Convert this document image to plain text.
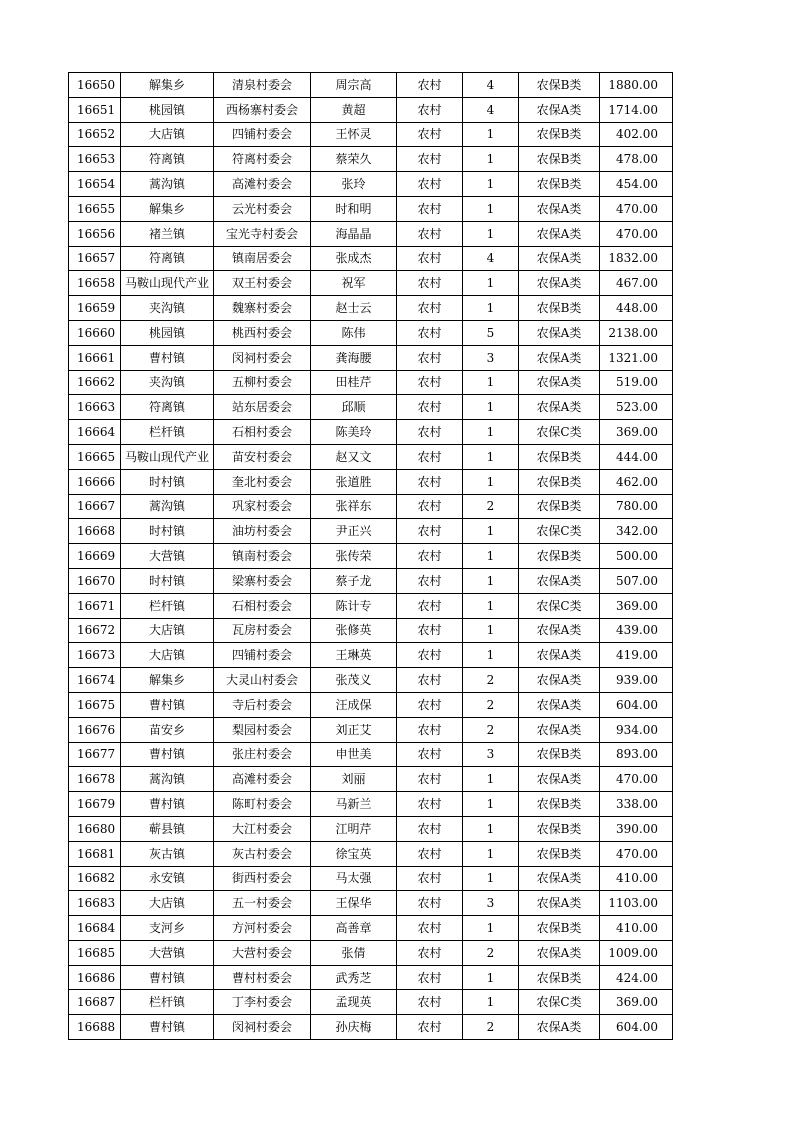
16650	解集乡	清泉村委会	周宗高	农村	4	农保B类	1880.00
16651	桃园镇	西杨寨村委会	黄超	农村	4	农保A类	1714.00
16652	大店镇	四铺村委会	王怀灵	农村	1	农保B类	402.00
16653	符离镇	符离村委会	蔡荣久	农村	1	农保B类	478.00
16654	蒿沟镇	高滩村委会	张玲	农村	1	农保B类	454.00
16655	解集乡	云光村委会	时和明	农村	1	农保A类	470.00
16656	褚兰镇	宝光寺村委会	海晶晶	农村	1	农保A类	470.00
16657	符离镇	镇南居委会	张成杰	农村	4	农保A类	1832.00
16658	马鞍山现代产业	双王村委会	祝军	农村	1	农保A类	467.00
16659	夹沟镇	魏寨村委会	赵士云	农村	1	农保B类	448.00
16660	桃园镇	桃西村委会	陈伟	农村	5	农保A类	2138.00
16661	曹村镇	闵祠村委会	龚海腰	农村	3	农保A类	1321.00
16662	夹沟镇	五柳村委会	田桂芹	农村	1	农保A类	519.00
16663	符离镇	站东居委会	邱顺	农村	1	农保A类	523.00
16664	栏杆镇	石相村委会	陈美玲	农村	1	农保C类	369.00
16665	马鞍山现代产业	苗安村委会	赵又文	农村	1	农保B类	444.00
16666	时村镇	奎北村委会	张道胜	农村	1	农保B类	462.00
16667	蒿沟镇	巩家村委会	张祥东	农村	2	农保B类	780.00
16668	时村镇	油坊村委会	尹正兴	农村	1	农保C类	342.00
16669	大营镇	镇南村委会	张传荣	农村	1	农保B类	500.00
16670	时村镇	梁寨村委会	蔡子龙	农村	1	农保A类	507.00
16671	栏杆镇	石相村委会	陈计专	农村	1	农保C类	369.00
16672	大店镇	瓦房村委会	张修英	农村	1	农保A类	439.00
16673	大店镇	四铺村委会	王琳英	农村	1	农保A类	419.00
16674	解集乡	大灵山村委会	张茂义	农村	2	农保A类	939.00
16675	曹村镇	寺后村委会	汪成保	农村	2	农保A类	604.00
16676	苗安乡	梨园村委会	刘正艾	农村	2	农保A类	934.00
16677	曹村镇	张庄村委会	申世美	农村	3	农保B类	893.00
16678	蒿沟镇	高滩村委会	刘丽	农村	1	农保A类	470.00
16679	曹村镇	陈町村委会	马新兰	农村	1	农保B类	338.00
16680	蕲县镇	大江村委会	江明芹	农村	1	农保B类	390.00
16681	灰古镇	灰古村委会	徐宝英	农村	1	农保B类	470.00
16682	永安镇	街西村委会	马太强	农村	1	农保A类	410.00
16683	大店镇	五一村委会	王保华	农村	3	农保A类	1103.00
16684	支河乡	方河村委会	高善章	农村	1	农保B类	410.00
16685	大营镇	大营村委会	张倩	农村	2	农保A类	1009.00
16686	曹村镇	曹村村委会	武秀芝	农村	1	农保B类	424.00
16687	栏杆镇	丁李村委会	孟现英	农村	1	农保C类	369.00
16688	曹村镇	闵祠村委会	孙庆梅	农村	2	农保A类	604.00
